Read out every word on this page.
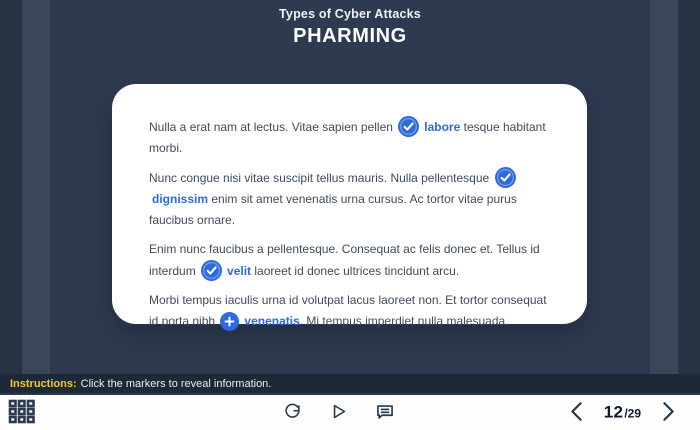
Types of Cyber Attacks
PHARMING

Nulla a erat nam at lectus. Vitae sapien pellen
labore tesque habitant morbi.

Nunc congue nisi vitae suscipit tellus mauris. Nulla pellentesque
dignissim enim sit amet venenatis urna cursus. Ac tortor vitae purus faucibus ornare.

Enim nunc faucibus a pellentesque. Consequat ac felis donec et. Tellus id interdum
velit laoreet id donec ultrices tincidunt arcu.

Morbi tempus iaculis urna id volutpat lacus laoreet non. Et tortor consequat id porta nibh
venenatis. Mi tempus imperdiet nulla malesuada.

Instructions: Click the markers to reveal information.
12 /29
